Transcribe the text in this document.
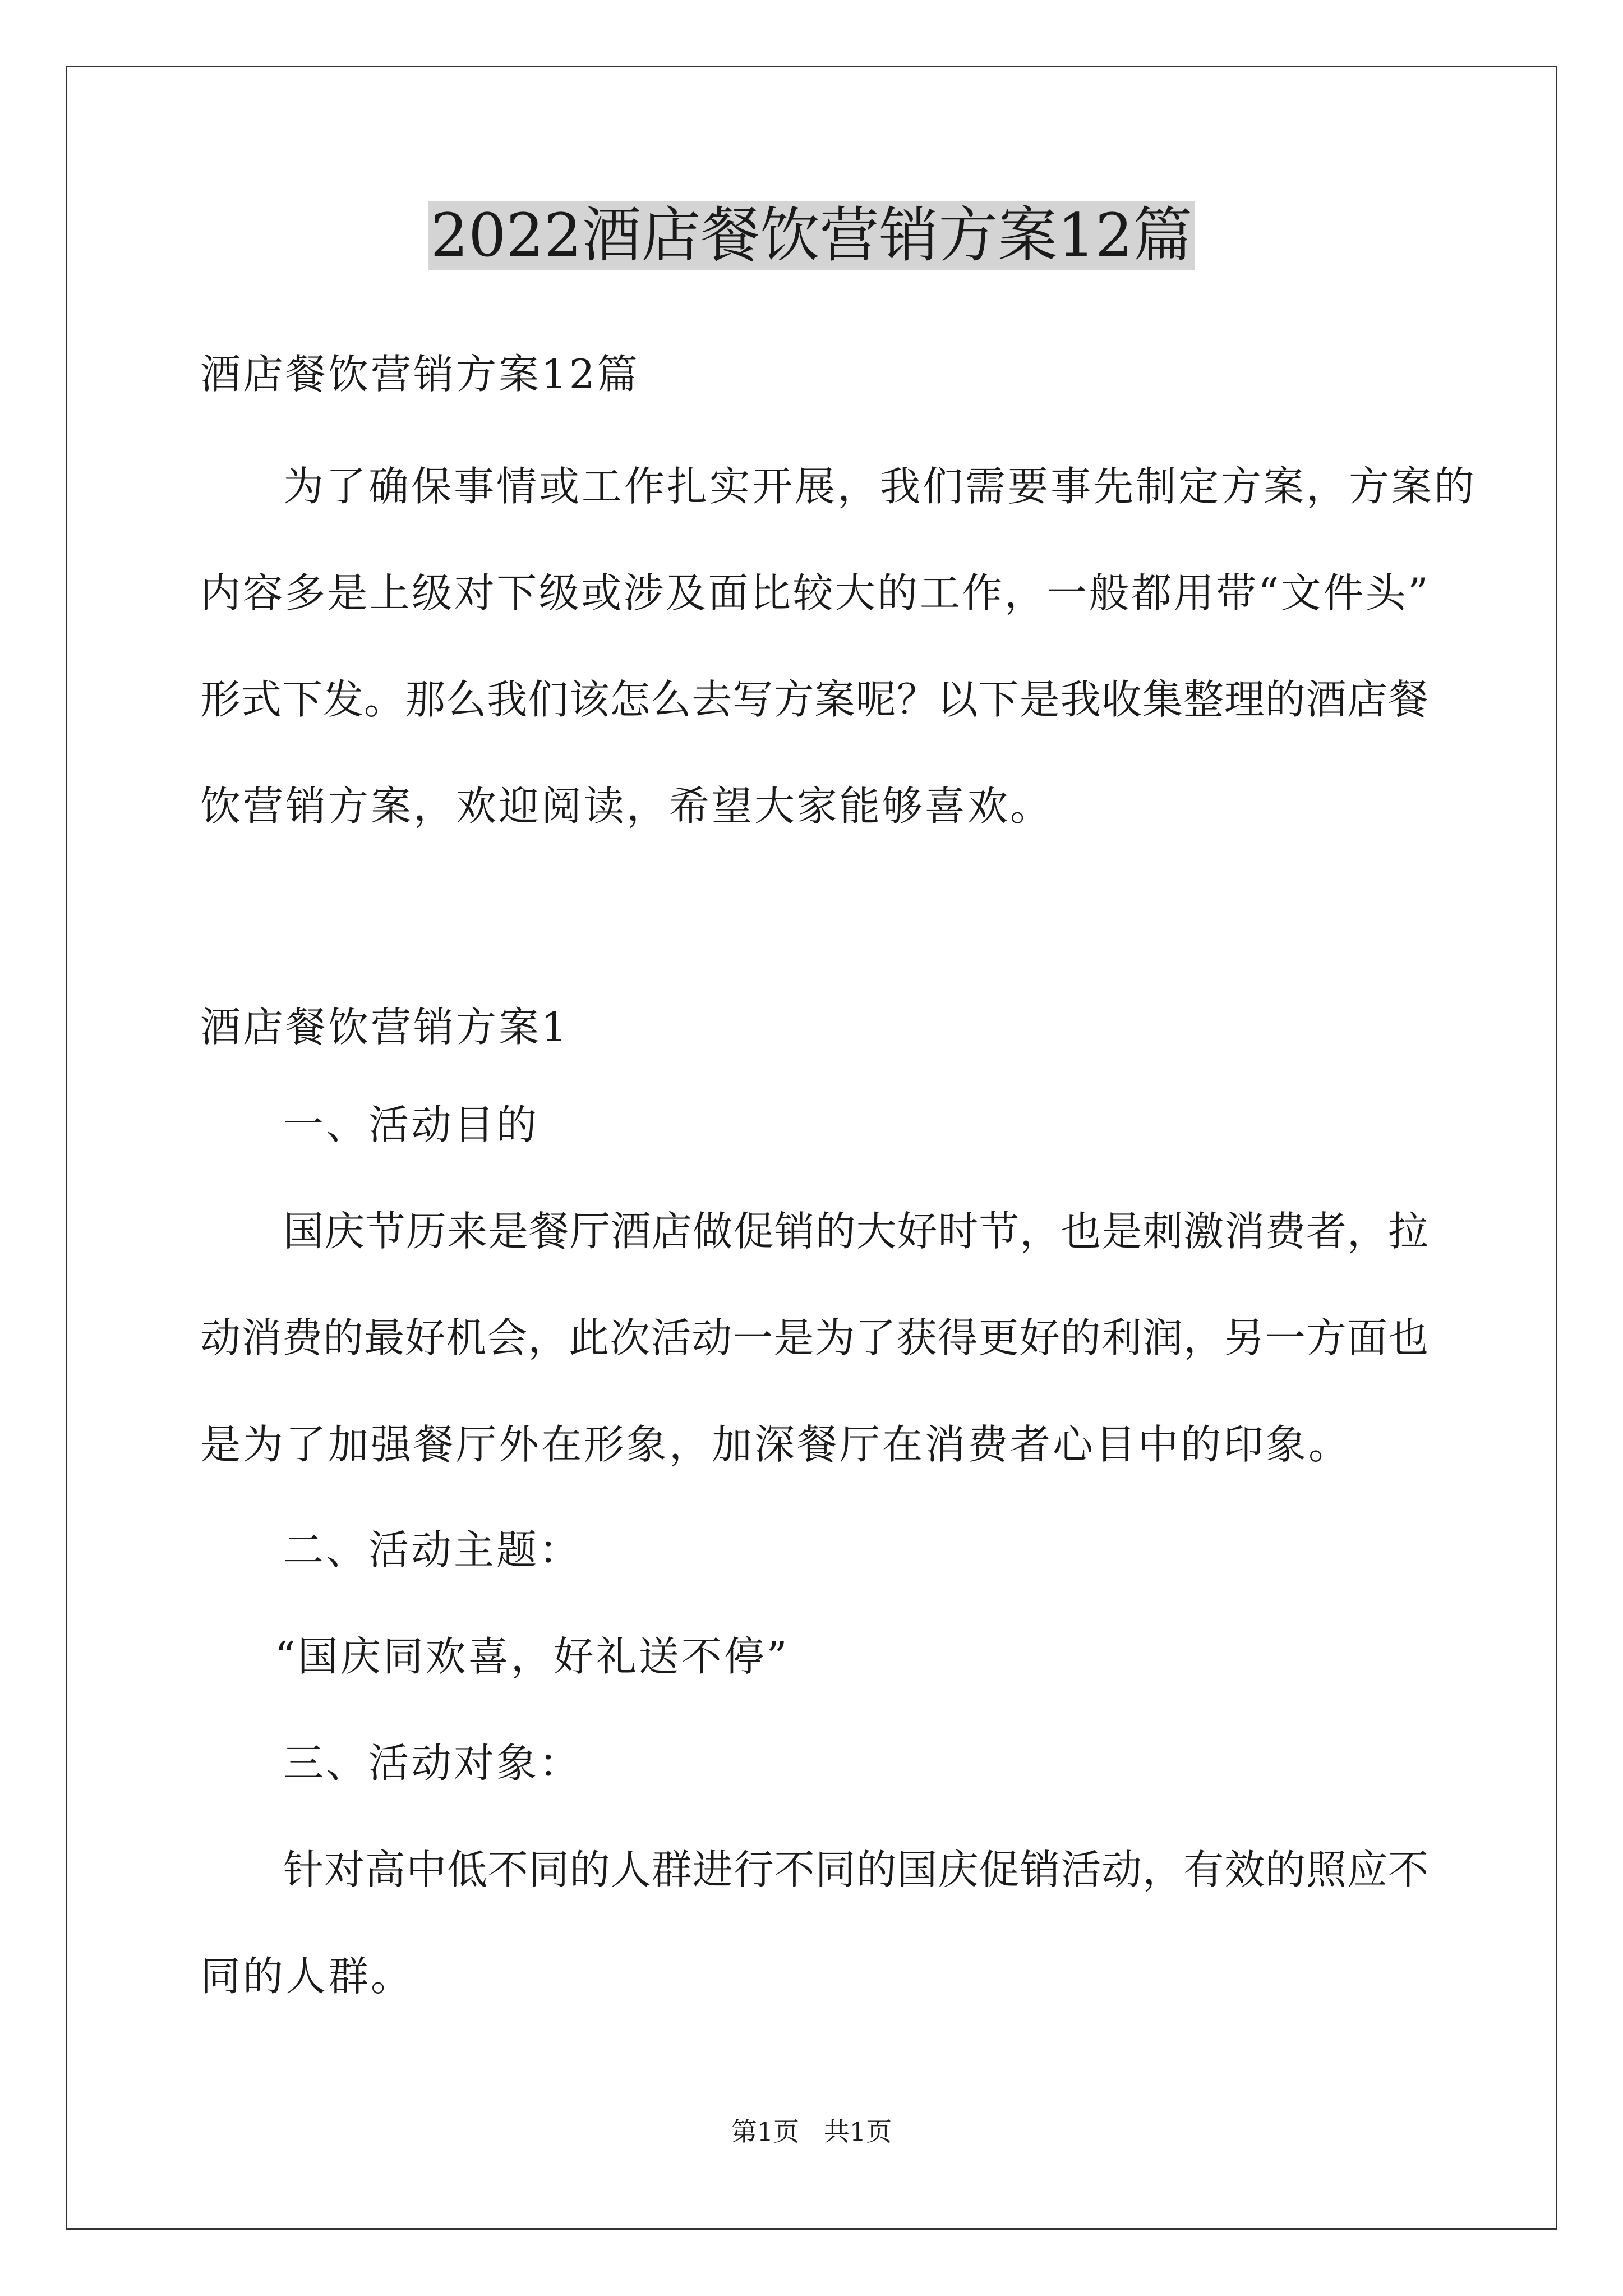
2022酒店餐饮营销方案12篇
酒店餐饮营销方案12篇
为了确保事情或工作扎实开展，我们需要事先制定方案，方案的
内容多是上级对下级或涉及面比较大的工作，一般都用带“文件头”
形式下发。那么我们该怎么去写方案呢？以下是我收集整理的酒店餐
饮营销方案，欢迎阅读，希望大家能够喜欢。
酒店餐饮营销方案1
一、活动目的
国庆节历来是餐厅酒店做促销的大好时节，也是刺激消费者，拉
动消费的最好机会，此次活动一是为了获得更好的利润，另一方面也
是为了加强餐厅外在形象，加深餐厅在消费者心目中的印象。
二、活动主题：
“国庆同欢喜，好礼送不停”
三、活动对象：
针对高中低不同的人群进行不同的国庆促销活动，有效的照应不
同的人群。
第1页   共1页
